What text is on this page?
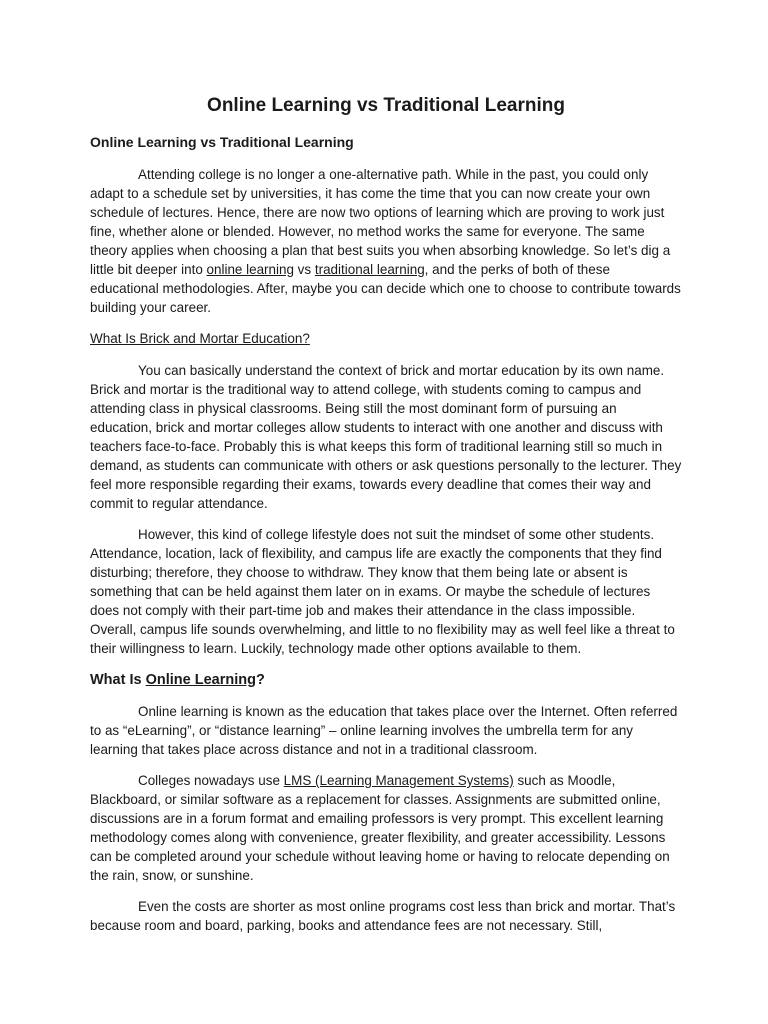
Online Learning vs Traditional Learning
Online Learning vs Traditional Learning

Attending college is no longer a one-alternative path. While in the past, you could only adapt to a schedule set by universities, it has come the time that you can now create your own schedule of lectures. Hence, there are now two options of learning which are proving to work just fine, whether alone or blended. However, no method works the same for everyone. The same theory applies when choosing a plan that best suits you when absorbing knowledge. So let’s dig a little bit deeper into online learning vs traditional learning, and the perks of both of these educational methodologies. After, maybe you can decide which one to choose to contribute towards building your career.

What Is Brick and Mortar Education?

You can basically understand the context of brick and mortar education by its own name. Brick and mortar is the traditional way to attend college, with students coming to campus and attending class in physical classrooms. Being still the most dominant form of pursuing an education, brick and mortar colleges allow students to interact with one another and discuss with teachers face-to-face. Probably this is what keeps this form of traditional learning still so much in demand, as students can communicate with others or ask questions personally to the lecturer. They feel more responsible regarding their exams, towards every deadline that comes their way and commit to regular attendance.

However, this kind of college lifestyle does not suit the mindset of some other students. Attendance, location, lack of flexibility, and campus life are exactly the components that they find disturbing; therefore, they choose to withdraw. They know that them being late or absent is something that can be held against them later on in exams. Or maybe the schedule of lectures does not comply with their part-time job and makes their attendance in the class impossible. Overall, campus life sounds overwhelming, and little to no flexibility may as well feel like a threat to their willingness to learn. Luckily, technology made other options available to them.

What Is Online Learning?

Online learning is known as the education that takes place over the Internet. Often referred to as “eLearning”, or “distance learning” – online learning involves the umbrella term for any learning that takes place across distance and not in a traditional classroom.

Colleges nowadays use LMS (Learning Management Systems) such as Moodle, Blackboard, or similar software as a replacement for classes. Assignments are submitted online, discussions are in a forum format and emailing professors is very prompt. This excellent learning methodology comes along with convenience, greater flexibility, and greater accessibility. Lessons can be completed around your schedule without leaving home or having to relocate depending on the rain, snow, or sunshine.

Even the costs are shorter as most online programs cost less than brick and mortar. That’s because room and board, parking, books and attendance fees are not necessary. Still,
